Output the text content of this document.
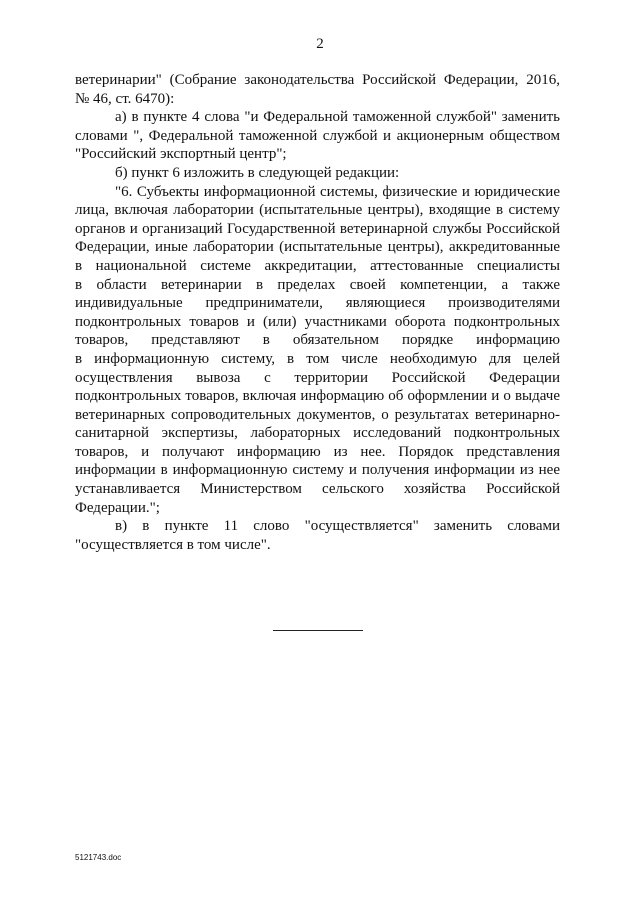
2
ветеринарии" (Собрание законодательства Российской Федерации, 2016,
№ 46, ст. 6470):
а) в пункте 4 слова "и Федеральной таможенной службой" заменить
словами ", Федеральной таможенной службой и акционерным обществом
"Российский экспортный центр";
б) пункт 6 изложить в следующей редакции:
"6. Субъекты информационной системы, физические и юридические
лица, включая лаборатории (испытательные центры), входящие в систему
органов и организаций Государственной ветеринарной службы Российской
Федерации, иные лаборатории (испытательные центры), аккредитованные
в национальной системе аккредитации, аттестованные специалисты
в области ветеринарии в пределах своей компетенции, а также
индивидуальные предприниматели, являющиеся производителями
подконтрольных товаров и (или) участниками оборота подконтрольных
товаров, представляют в обязательном порядке информацию
в информационную систему, в том числе необходимую для целей
осуществления вывоза с территории Российской Федерации
подконтрольных товаров, включая информацию об оформлении и о выдаче
ветеринарных сопроводительных документов, о результатах ветеринарно-
санитарной экспертизы, лабораторных исследований подконтрольных
товаров, и получают информацию из нее. Порядок представления
информации в информационную систему и получения информации из нее
устанавливается Министерством сельского хозяйства Российской
Федерации.";
в) в пункте 11 слово "осуществляется" заменить словами
"осуществляется в том числе".
5121743.doc
